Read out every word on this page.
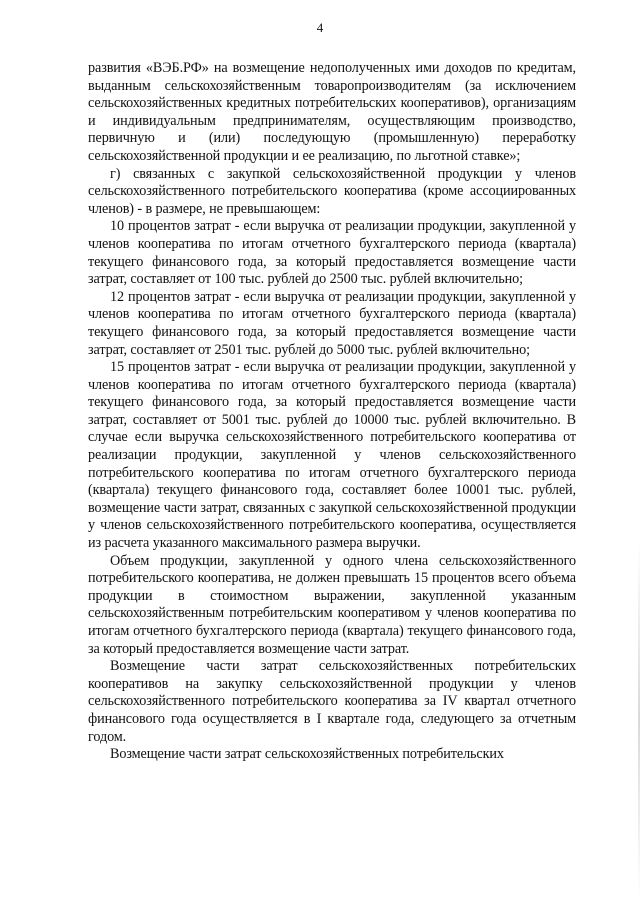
4

развития «ВЭБ.РФ» на возмещение недополученных ими доходов по кредитам, выданным сельскохозяйственным товаропроизводителям (за исключением сельскохозяйственных кредитных потребительских кооперативов), организациям и индивидуальным предпринимателям, осуществляющим производство, первичную и (или) последующую (промышленную) переработку сельскохозяйственной продукции и ее реализацию, по льготной ставке»;

г) связанных с закупкой сельскохозяйственной продукции у членов сельскохозяйственного потребительского кооператива (кроме ассоциированных членов) - в размере, не превышающем:

10 процентов затрат - если выручка от реализации продукции, закупленной у членов кооператива по итогам отчетного бухгалтерского периода (квартала) текущего финансового года, за который предоставляется возмещение части затрат, составляет от 100 тыс. рублей до 2500 тыс. рублей включительно;

12 процентов затрат - если выручка от реализации продукции, закупленной у членов кооператива по итогам отчетного бухгалтерского периода (квартала) текущего финансового года, за который предоставляется возмещение части затрат, составляет от 2501 тыс. рублей до 5000 тыс. рублей включительно;

15 процентов затрат - если выручка от реализации продукции, закупленной у членов кооператива по итогам отчетного бухгалтерского периода (квартала) текущего финансового года, за который предоставляется возмещение части затрат, составляет от 5001 тыс. рублей до 10000 тыс. рублей включительно. В случае если выручка сельскохозяйственного потребительского кооператива от реализации продукции, закупленной у членов сельскохозяйственного потребительского кооператива по итогам отчетного бухгалтерского периода (квартала) текущего финансового года, составляет более 10001 тыс. рублей, возмещение части затрат, связанных с закупкой сельскохозяйственной продукции у членов сельскохозяйственного потребительского кооператива, осуществляется из расчета указанного максимального размера выручки.

Объем продукции, закупленной у одного члена сельскохозяйственного потребительского кооператива, не должен превышать 15 процентов всего объема продукции в стоимостном выражении, закупленной указанным сельскохозяйственным потребительским кооперативом у членов кооператива по итогам отчетного бухгалтерского периода (квартала) текущего финансового года, за который предоставляется возмещение части затрат.

Возмещение части затрат сельскохозяйственных потребительских кооперативов на закупку сельскохозяйственной продукции у членов сельскохозяйственного потребительского кооператива за IV квартал отчетного финансового года осуществляется в I квартале года, следующего за отчетным годом.

Возмещение части затрат сельскохозяйственных потребительских
